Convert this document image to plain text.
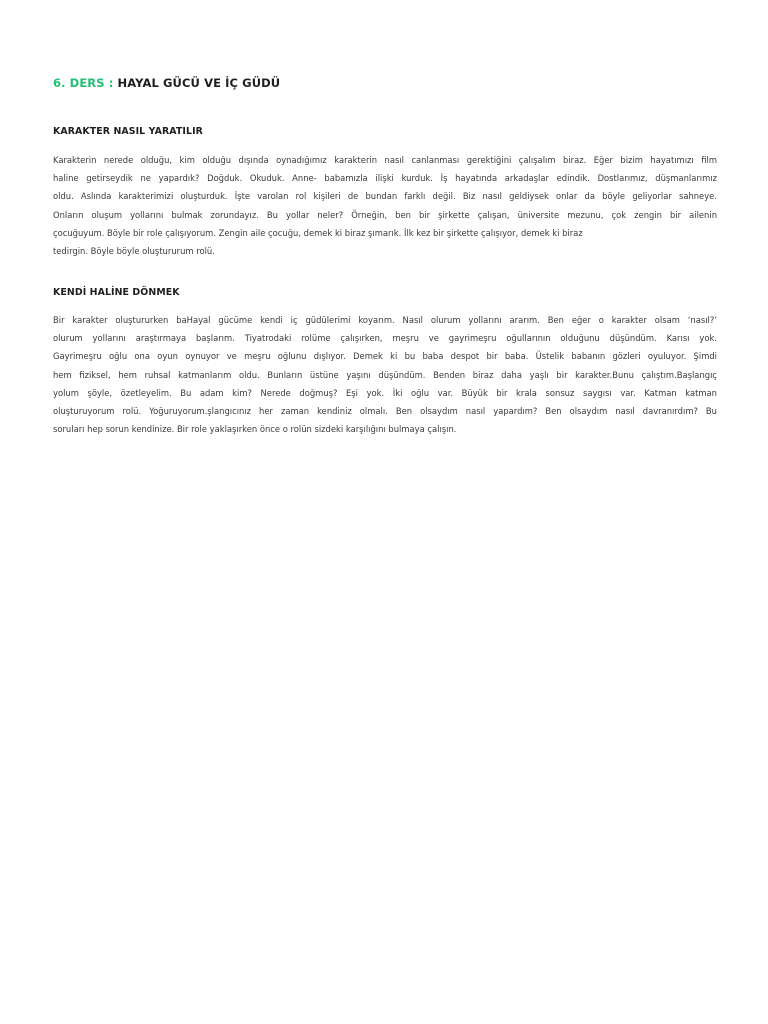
6. DERS : HAYAL GÜCÜ VE İÇ GÜDÜ
KARAKTER NASIL YARATILIR
Karakterin nerede olduğu, kim olduğu dışında oynadığımız karakterin nasıl canlanması gerektiğini çalışalım biraz. Eğer bizim hayatımızı film
haline getirseydik ne yapardık? Doğduk. Okuduk. Anne- babamızla ilişki kurduk. İş hayatında arkadaşlar edindik. Dostlarımız, düşmanlarımız
oldu. Aslında karakterimizi oluşturduk. İşte varolan rol kişileri de bundan farklı değil. Biz nasıl geldiysek onlar da böyle geliyorlar sahneye.
Onların oluşum yollarını bulmak zorundayız. Bu yollar neler? Örneğin, ben bir şirkette çalışan, üniversite mezunu, çok zengin bir ailenin
çocuğuyum. Böyle bir role çalışıyorum. Zengin aile çocuğu, demek ki biraz şımarık. İlk kez bir şirkette çalışıyor, demek ki biraz
tedirgin. Böyle böyle oluştururum rolü.
KENDİ HALİNE DÖNMEK
Bir karakter oluştururken baHayal gücüme kendi iç güdülerimi koyarım. Nasıl olurum yollarını ararım. Ben eğer o karakter olsam ‘nasıl?’
olurum yollarını araştırmaya başlarım. Tiyatrodaki rolüme çalışırken, meşru ve gayrimeşru oğullarının olduğunu düşündüm. Karısı yok.
Gayrimeşru oğlu ona oyun oynuyor ve meşru oğlunu dışlıyor. Demek ki bu baba despot bir baba. Üstelik babanın gözleri oyuluyor. Şimdi
hem fiziksel, hem ruhsal katmanlarım oldu. Bunların üstüne yaşını düşündüm. Benden biraz daha yaşlı bir karakter.Bunu çalıştım.Başlangıç
yolum şöyle, özetleyelim. Bu adam kim? Nerede doğmuş? Eşi yok. İki oğlu var. Büyük bir krala sonsuz saygısı var. Katman katman
oluşturuyorum rolü. Yoğuruyorum.şlangıcınız her zaman kendiniz olmalı. Ben olsaydım nasıl yapardım? Ben olsaydım nasıl davranırdım? Bu
soruları hep sorun kendinize. Bir role yaklaşırken önce o rolün sizdeki karşılığını bulmaya çalışın.
